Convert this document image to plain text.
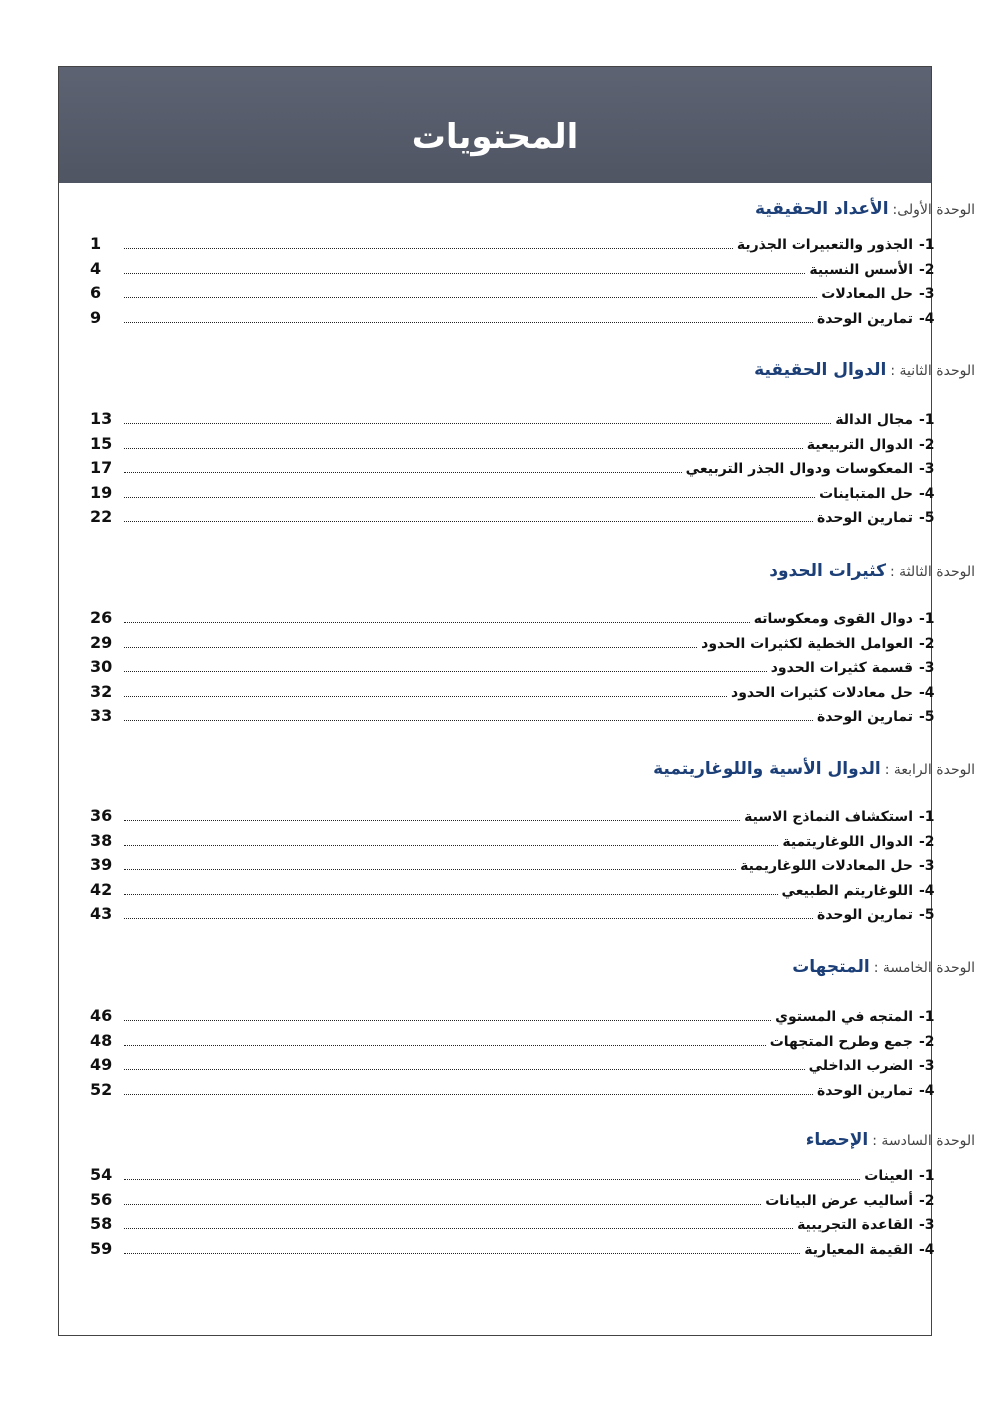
المحتويات
الوحدة الأولى:الأعداد الحقيقية
-1
الجذور والتعبيرات الجذرية
1
-2
الأسس النسبية
4
-3
حل المعادلات
6
-4
تمارين الوحدة
9
الوحدة الثانية :الدوال الحقيقية
-1
مجال الدالة
13
-2
الدوال التربيعية
15
-3
المعكوسات ودوال الجذر التربيعي
17
-4
حل المتباينات
19
-5
تمارين الوحدة
22
الوحدة الثالثة :كثيرات الحدود
-1
دوال القوى ومعكوساته
26
-2
العوامل الخطية لكثيرات الحدود
29
-3
قسمة كثيرات الحدود
30
-4
حل معادلات كثيرات الحدود
32
-5
تمارين الوحدة
33
الوحدة الرابعة :الدوال الأسية واللوغاريتمية
-1
استكشاف النماذج الاسية
36
-2
الدوال اللوغاريتمية
38
-3
حل المعادلات اللوغاريمية
39
-4
اللوغاريتم الطبيعي
42
-5
تمارين الوحدة
43
الوحدة الخامسة :المتجهات
-1
المتجه في المستوي
46
-2
جمع وطرح المتجهات
48
-3
الضرب الداخلي
49
-4
تمارين الوحدة
52
الوحدة السادسة :الإحصاء
-1
العينات
54
-2
أساليب عرض البيانات
56
-3
القاعدة التجريبية
58
-4
القيمة المعيارية
59
